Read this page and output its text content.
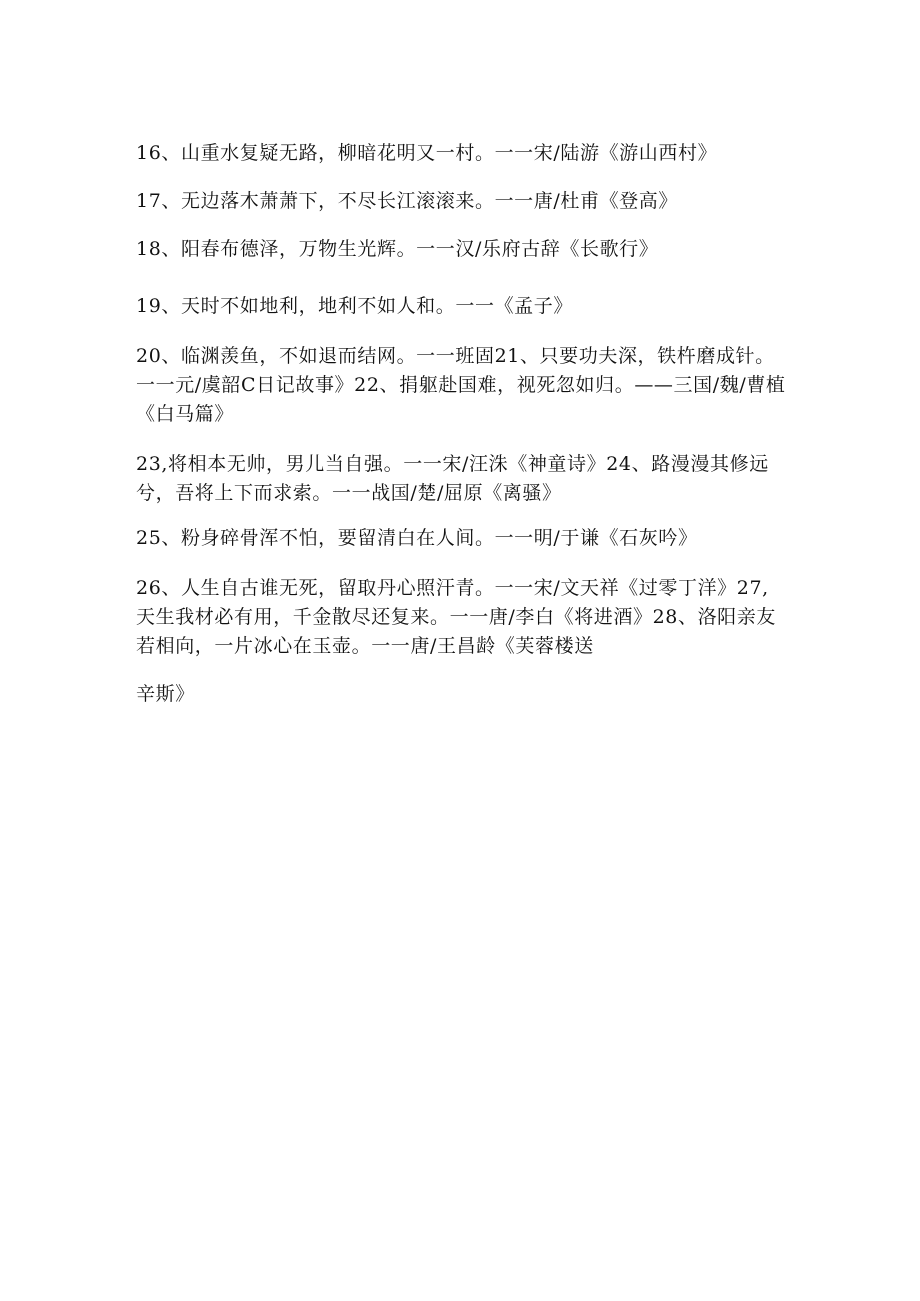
16、山重水复疑无路，柳暗花明又一村。一一宋/陆游《游山西村》

17、无边落木萧萧下，不尽长江滚滚来。一一唐/杜甫《登高》

18、阳春布德泽，万物生光辉。一一汉/乐府古辞《长歌行》

19、天时不如地利，地利不如人和。一一《孟子》

20、临渊羡鱼，不如退而结网。一一班固21、只要功夫深，铁杵磨成针。一一元/虞韶C日记故事》22、捐躯赴国难，视死忽如归。——三国/魏/曹植《白马篇》

23,将相本无帅，男儿当自强。一一宋/汪洙《神童诗》24、路漫漫其修远兮，吾将上下而求索。一一战国/楚/屈原《离骚》

25、粉身碎骨浑不怕，要留清白在人间。一一明/于谦《石灰吟》

26、人生自古谁无死，留取丹心照汗青。一一宋/文天祥《过零丁洋》27,天生我材必有用，千金散尽还复来。一一唐/李白《将进酒》28、洛阳亲友若相向，一片冰心在玉壶。一一唐/王昌龄《芙蓉楼送

辛斯》
